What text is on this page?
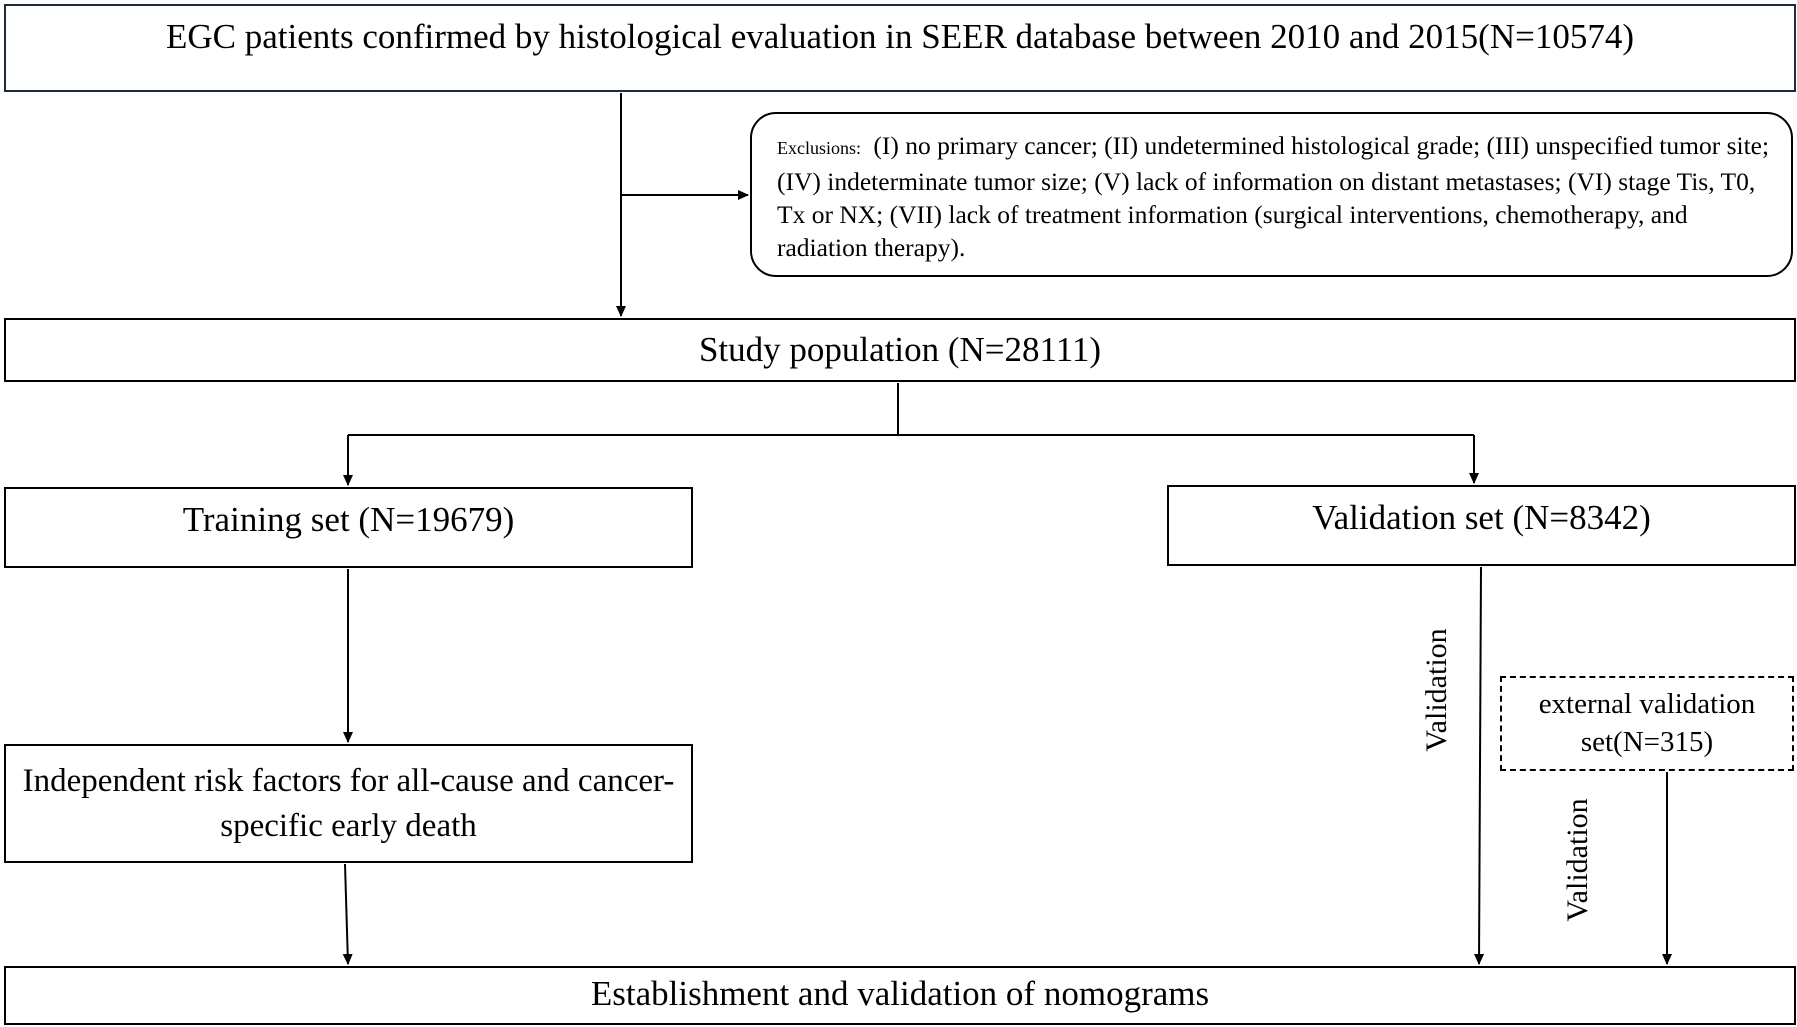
EGC patients confirmed by histological evaluation in SEER database between 2010 and 2015(N=10574)
Exclusions: (I) no primary cancer; (II) undetermined histological grade; (III) unspecified tumor site; (IV) indeterminate tumor size; (V) lack of information on distant metastases; (VI) stage Tis, T0, Tx or NX; (VII) lack of treatment information (surgical interventions, chemotherapy, and radiation therapy).
Study population (N=28111)
Training set (N=19679)	Validation set (N=8342)
Independent risk factors for all-cause and cancer-specific early death
external validation set(N=315)
Establishment and validation of nomograms
Validation
Validation
